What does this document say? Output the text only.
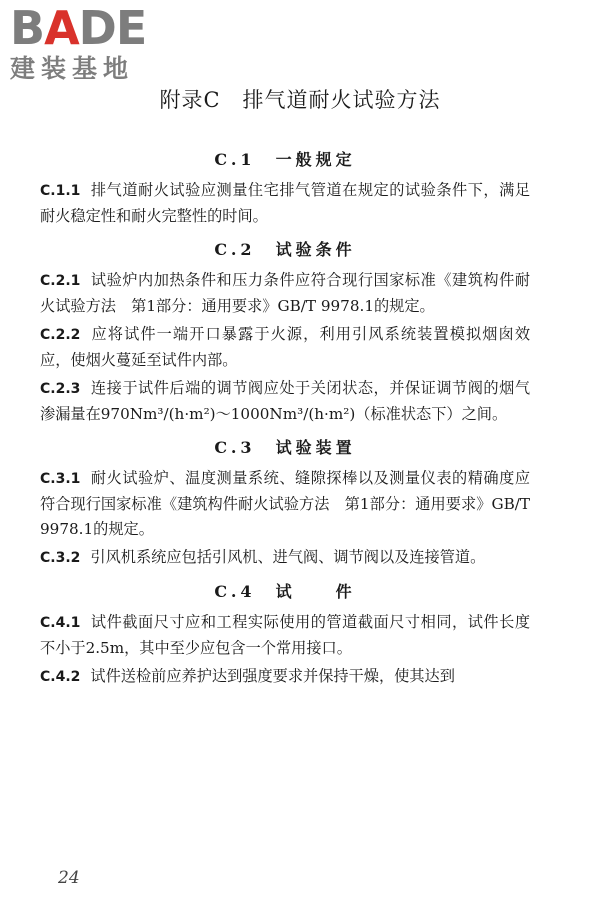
BADE
建装基地
附录C　排气道耐火试验方法
C.1　一般规定

C.1.1 排气道耐火试验应测量住宅排气管道在规定的试验条件下，满足耐火稳定性和耐火完整性的时间。

C.2　试验条件

C.2.1 试验炉内加热条件和压力条件应符合现行国家标准《建筑构件耐火试验方法　第1部分：通用要求》GB/T 9978.1的规定。

C.2.2 应将试件一端开口暴露于火源，利用引风系统装置模拟烟囱效应，使烟火蔓延至试件内部。

C.2.3 连接于试件后端的调节阀应处于关闭状态，并保证调节阀的烟气渗漏量在970Nm³/(h·m²)～1000Nm³/(h·m²)（标准状态下）之间。

C.3　试验装置

C.3.1 耐火试验炉、温度测量系统、缝隙探棒以及测量仪表的精确度应符合现行国家标准《建筑构件耐火试验方法　第1部分：通用要求》GB/T 9978.1的规定。

C.3.2 引风机系统应包括引风机、进气阀、调节阀以及连接管道。

C.4　试　　件

C.4.1 试件截面尺寸应和工程实际使用的管道截面尺寸相同，试件长度不小于2.5m，其中至少应包含一个常用接口。

C.4.2 试件送检前应养护达到强度要求并保持干燥，使其达到

24
